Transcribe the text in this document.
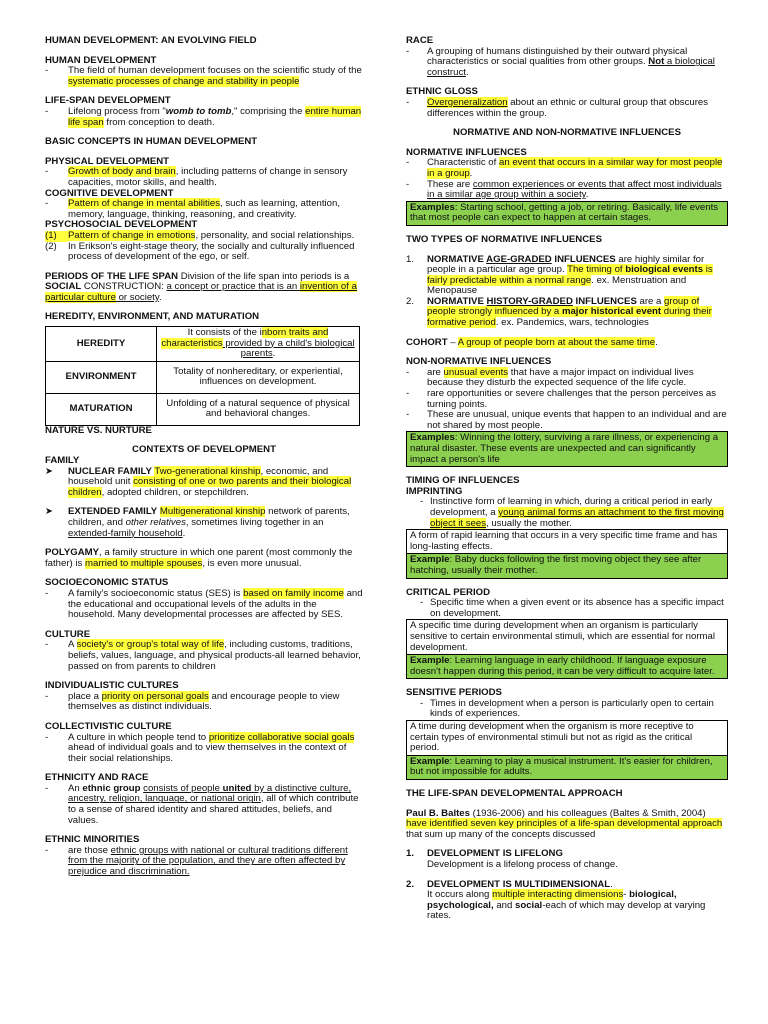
HUMAN DEVELOPMENT: AN EVOLVING FIELD

HUMAN DEVELOPMENT

-	The field of human development focuses on the scientific study of the systematic processes of change and stability in people

LIFE-SPAN DEVELOPMENT

-	Lifelong process from "womb to tomb," comprising the entire human life span from conception to death.

BASIC CONCEPTS IN HUMAN DEVELOPMENT

PHYSICAL DEVELOPMENT

-	Growth of body and brain, including patterns of change in sensory capacities, motor skills, and health.

COGNITIVE DEVELOPMENT

-	Pattern of change in mental abilities, such as learning, attention, memory, language, thinking, reasoning, and creativity.

PSYCHOSOCIAL DEVELOPMENT

(1)	Pattern of change in emotions, personality, and social relationships.
(2)	In Erikson's eight-stage theory, the socially and culturally influenced process of development of the ego, or self.

PERIODS OF THE LIFE SPAN Division of the life span into periods is a SOCIAL CONSTRUCTION: a concept or practice that is an invention of a particular culture or society.

HEREDITY, ENVIRONMENT, AND MATURATION

HEREDITY	It consists of the inborn traits and characteristics provided by a child's biological parents.
ENVIRONMENT	Totality of nonhereditary, or experiential, influences on development.
MATURATION	Unfolding of a natural sequence of physical and behavioral changes.

NATURE VS. NURTURE

CONTEXTS OF DEVELOPMENT

FAMILY

➤	NUCLEAR FAMILY Two-generational kinship, economic, and household unit consisting of one or two parents and their biological children, adopted children, or stepchildren.
➤	EXTENDED FAMILY Multigenerational kinship network of parents, children, and other relatives, sometimes living together in an extended-family household.

POLYGAMY, a family structure in which one parent (most commonly the father) is married to multiple spouses, is even more unusual.

SOCIOECONOMIC STATUS

-	A family's socioeconomic status (SES) is based on family income and the educational and occupational levels of the adults in the household. Many developmental processes are affected by SES.

CULTURE

-	A society's or group's total way of life, including customs, traditions, beliefs, values, language, and physical products-all learned behavior, passed on from parents to children

INDIVIDUALISTIC CULTURES

-	place a priority on personal goals and encourage people to view themselves as distinct individuals.

COLLECTIVISTIC CULTURE

-	A culture in which people tend to prioritize collaborative social goals ahead of individual goals and to view themselves in the context of their social relationships.

ETHNICITY AND RACE

-	An ethnic group consists of people united by a distinctive culture, ancestry, religion, language, or national origin, all of which contribute to a sense of shared identity and shared attitudes, beliefs, and values.

ETHNIC MINORITIES

-	are those ethnic groups with national or cultural traditions different from the majority of the population, and they are often affected by prejudice and discrimination.

RACE

-	A grouping of humans distinguished by their outward physical characteristics or social qualities from other groups. Not a biological construct.

ETHNIC GLOSS

-	Overgeneralization about an ethnic or cultural group that obscures differences within the group.

NORMATIVE AND NON-NORMATIVE INFLUENCES

NORMATIVE INFLUENCES

-	Characteristic of an event that occurs in a similar way for most people in a group.
-	These are common experiences or events that affect most individuals in a similar age group within a society.
Examples: Starting school, getting a job, or retiring. Basically, life events that most people can expect to happen at certain stages.

TWO TYPES OF NORMATIVE INFLUENCES

1.	NORMATIVE AGE-GRADED INFLUENCES are highly similar for people in a particular age group. The timing of biological events is fairly predictable within a normal range. ex. Menstruation and Menopause
2.	NORMATIVE HISTORY-GRADED INFLUENCES are a group of people strongly influenced by a major historical event during their formative period. ex. Pandemics, wars, technologies

COHORT – A group of people born at about the same time.

NON-NORMATIVE INFLUENCES

-	are unusual events that have a major impact on individual lives because they disturb the expected sequence of the life cycle.
-	rare opportunities or severe challenges that the person perceives as turning points.
-	These are unusual, unique events that happen to an individual and are not shared by most people.
Examples: Winning the lottery, surviving a rare illness, or experiencing a natural disaster. These events are unexpected and can significantly impact a person's life

TIMING OF INFLUENCES

IMPRINTING

- Instinctive form of learning in which, during a critical period in early development, a young animal forms an attachment to the first moving object it sees, usually the mother.
A form of rapid learning that occurs in a very specific time frame and has long-lasting effects.
Example: Baby ducks following the first moving object they see after hatching, usually their mother.

CRITICAL PERIOD

- Specific time when a given event or its absence has a specific impact on development.
A specific time during development when an organism is particularly sensitive to certain environmental stimuli, which are essential for normal development.
Example: Learning language in early childhood. If language exposure doesn't happen during this period, it can be very difficult to acquire later.

SENSITIVE PERIODS

- Times in development when a person is particularly open to certain kinds of experiences.
A time during development when the organism is more receptive to certain types of environmental stimuli but not as rigid as the critical period.
Example: Learning to play a musical instrument. It's easier for children, but not impossible for adults.

THE LIFE-SPAN DEVELOPMENTAL APPROACH

Paul B. Baltes (1936-2006) and his colleagues (Baltes & Smith, 2004) have identified seven key principles of a life-span developmental approach that sum up many of the concepts discussed

1.	DEVELOPMENT IS LIFELONG
Development is a lifelong process of change.
2.	DEVELOPMENT IS MULTIDIMENSIONAL.
It occurs along multiple interacting dimensions- biological, psychological, and social-each of which may develop at varying rates.
